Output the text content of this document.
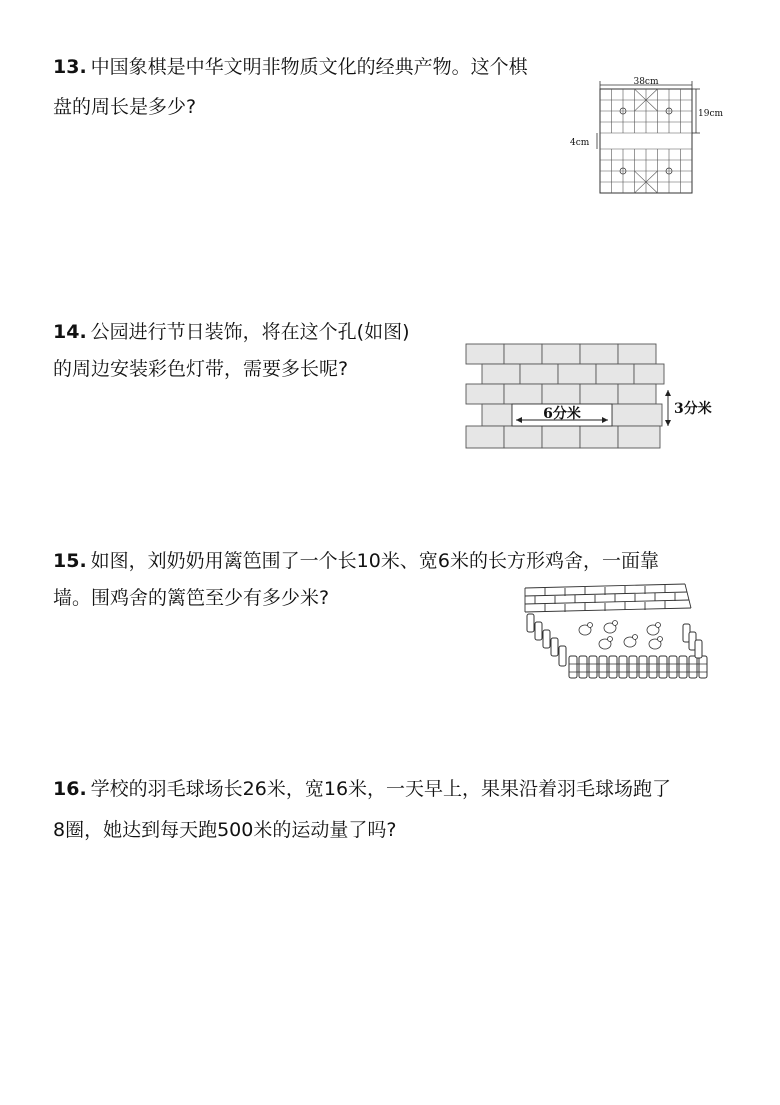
13. 中国象棋是中华文明非物质文化的经典产物。这个棋
盘的周长是多少?
38cm
19cm
4cm
14. 公园进行节日装饰，将在这个孔(如图)
的周边安装彩色灯带，需要多长呢?
6分米	3分米
15. 如图，刘奶奶用篱笆围了一个长10米、宽6米的长方形鸡舍，一面靠
墙。围鸡舍的篱笆至少有多少米?
16. 学校的羽毛球场长26米，宽16米，一天早上，果果沿着羽毛球场跑了
8圈，她达到每天跑500米的运动量了吗?
